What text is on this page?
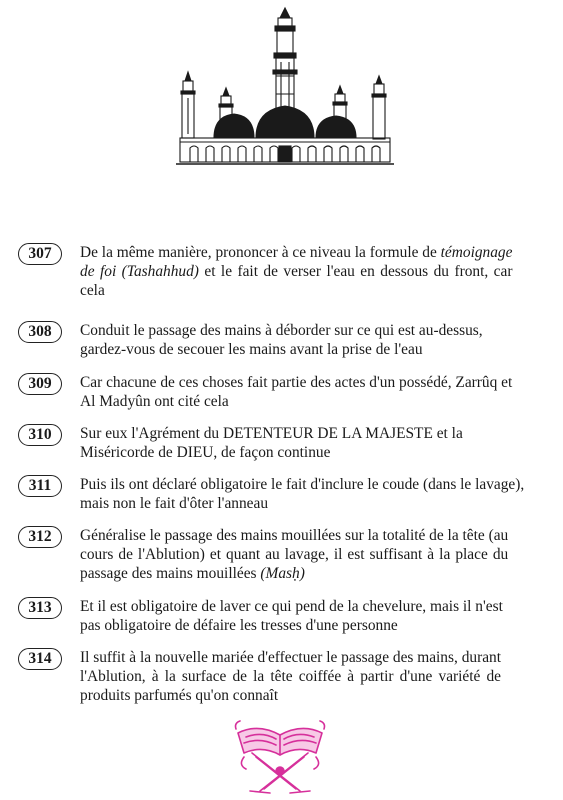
307	De la même manière, prononcer à ce niveau la formule de témoignage
de foi (Tashahhud) et le fait de verser l'eau en dessous du front, car
cela
308	Conduit le passage des mains à déborder sur ce qui est au-dessus,
gardez-vous de secouer les mains avant la prise de l'eau
309	Car chacune de ces choses fait partie des actes d'un possédé, Zarrûq et
Al Madyûn ont cité cela
310	Sur eux l'Agrément du DETENTEUR DE LA MAJESTE et la
Miséricorde de DIEU, de façon continue
311	Puis ils ont déclaré obligatoire le fait d'inclure le coude (dans le lavage),
mais non le fait d'ôter l'anneau
312	Généralise le passage des mains mouillées sur la totalité de la tête (au
cours de l'Ablution) et quant au lavage, il est suffisant à la place du
passage des mains mouillées (Masḥ)
313	Et il est obligatoire de laver ce qui pend de la chevelure, mais il n'est
pas obligatoire de défaire les tresses d'une personne
314	Il suffit à la nouvelle mariée d'effectuer le passage des mains, durant
l'Ablution, à la surface de la tête coiffée à partir d'une variété de
produits parfumés qu'on connaît
